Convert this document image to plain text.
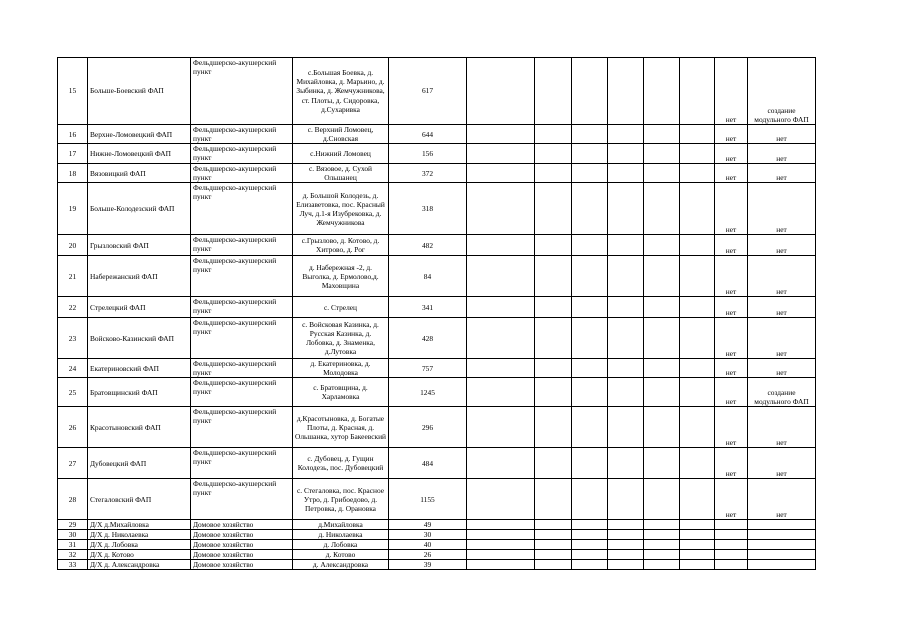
15	Больше-Боевский ФАП	Фельдшерско-акушерский пункт	с.Большая Боевка, д. Михайловка, д. Марьино, д. Зыбинка, д. Жемчужникова, ст. Плоты, д. Сидоровка, д.Сухаривка	617							нет	создание модульного ФАП
16	Верхне-Ломовецкий ФАП	Фельдшерско-акушерский пункт	с. Верхний Ломовец, д.Сновская	644							нет	нет
17	Нижне-Ломовецкий ФАП	Фельдшерско-акушерский пункт	с.Нижний Ломовец	156							нет	нет
18	Вязовицкий ФАП	Фельдшерско-акушерский пункт	с. Вязовое, д. Сухой Ольшанец	372							нет	нет
19	Больше-Колодезский ФАП	Фельдшерско-акушерский пункт	д. Большой Колодезь, д. Елизаветовка, пос. Красный Луч, д.1-я Изубрековка, д. Жемчужникова	318							нет	нет
20	Грызловский ФАП	Фельдшерско-акушерский пункт	с.Грызлово, д. Котово, д. Хитрово, д. Рог	482							нет	нет
21	Набережанский ФАП	Фельдшерско-акушерский пункт	д. Набережная -2, д. Выголка, д. Ермолово,д. Маховщина	84							нет	нет
22	Стрелецкий ФАП	Фельдшерско-акушерский пункт	с. Стрелец	341							нет	нет
23	Войсково-Казинский ФАП	Фельдшерско-акушерский пункт	с. Войсковая Казинка, д. Русская Казинка, д. Лобовка, д. Знаменка, д.Лутовка	428							нет	нет
24	Екатериновский ФАП	Фельдшерско-акушерский пункт	д. Екатериновка, д. Молодовка	757							нет	нет
25	Братовщинский ФАП	Фельдшерско-акушерский пункт	с. Братовщина, д. Харламовка	1245							нет	создание модульного ФАП
26	Красотыновский ФАП	Фельдшерско-акушерский пункт	д.Красотыновка, д. Богатые Плоты, д. Красная, д. Ольшанка, хутор Бакеевский	296							нет	нет
27	Дубовецкий ФАП	Фельдшерско-акушерский пункт	с. Дубовец, д. Гущин Колодезь, пос. Дубовецкий	484							нет	нет
28	Стегаловский ФАП	Фельдшерско-акушерский пункт	с. Стегаловка, пос. Красное Утро, д. Грибоедово, д. Петровка, д. Орановка	1155							нет	нет
29	Д/Х д.Михайловка	Домовое хозяйство	д.Михайловка	49								
30	Д/Х д. Николаевка	Домовое хозяйство	д. Николаевка	30								
31	Д/Х д. Лобовка	Домовое хозяйство	д. Лобовка	40								
32	Д/Х д. Котово	Домовое хозяйство	д. Котово	26								
33	Д/Х д. Александровка	Домовое хозяйство	д. Александровка	39								
